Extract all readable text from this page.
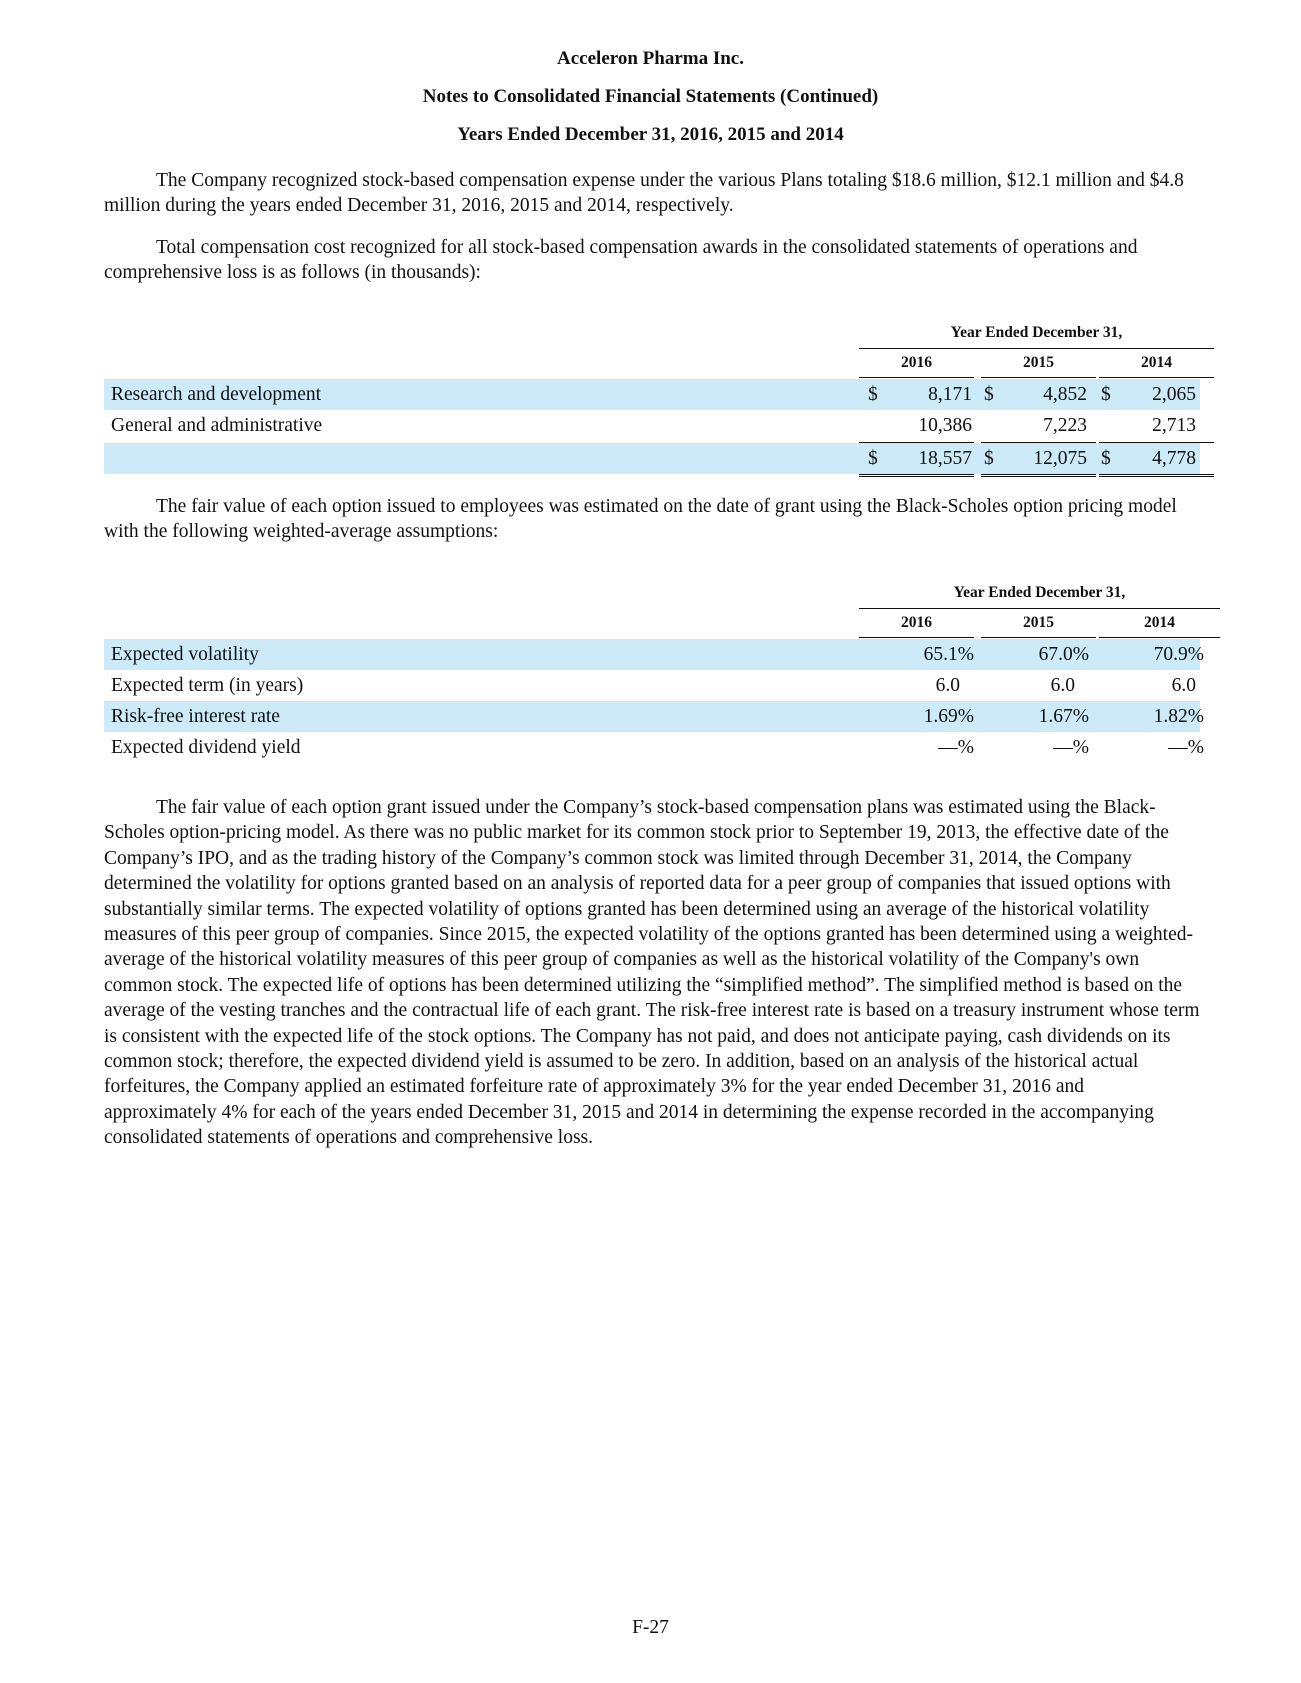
Acceleron Pharma Inc.
Notes to Consolidated Financial Statements (Continued)
Years Ended December 31, 2016, 2015 and 2014

The Company recognized stock-based compensation expense under the various Plans totaling $18.6 million, $12.1 million and $4.8 million during the years ended December 31, 2016, 2015 and 2014, respectively.

Total compensation cost recognized for all stock-based compensation awards in the consolidated statements of operations and comprehensive loss is as follows (in thousands):

Year Ended December 31,
2016	2015	2014
Research and development	$	8,171 $	4,852 $ 2,065
General and administrative	10,386	7,223	2,713
$ 18,557 $ 12,075 $ 4,778

The fair value of each option issued to employees was estimated on the date of grant using the Black-Scholes option pricing model with the following weighted-average assumptions:

Year Ended December 31,
2016	2015	2014
Expected volatility	65.1%	67.0%	70.9%
Expected term (in years)	6.0	6.0	6.0
Risk-free interest rate	1.69%	1.67%	1.82%
Expected dividend yield	—%	—%	—%

The fair value of each option grant issued under the Company’s stock-based compensation plans was estimated using the Black-Scholes option-pricing model. As there was no public market for its common stock prior to September 19, 2013, the effective date of the Company’s IPO, and as the trading history of the Company’s common stock was limited through December 31, 2014, the Company determined the volatility for options granted based on an analysis of reported data for a peer group of companies that issued options with substantially similar terms. The expected volatility of options granted has been determined using an average of the historical volatility measures of this peer group of companies. Since 2015, the expected volatility of the options granted has been determined using a weighted-average of the historical volatility measures of this peer group of companies as well as the historical volatility of the Company's own common stock. The expected life of options has been determined utilizing the “simplified method”. The simplified method is based on the average of the vesting tranches and the contractual life of each grant. The risk-free interest rate is based on a treasury instrument whose term is consistent with the expected life of the stock options. The Company has not paid, and does not anticipate paying, cash dividends on its common stock; therefore, the expected dividend yield is assumed to be zero. In addition, based on an analysis of the historical actual forfeitures, the Company applied an estimated forfeiture rate of approximately 3% for the year ended December 31, 2016 and approximately 4% for each of the years ended December 31, 2015 and 2014 in determining the expense recorded in the accompanying consolidated statements of operations and comprehensive loss.

F-27
